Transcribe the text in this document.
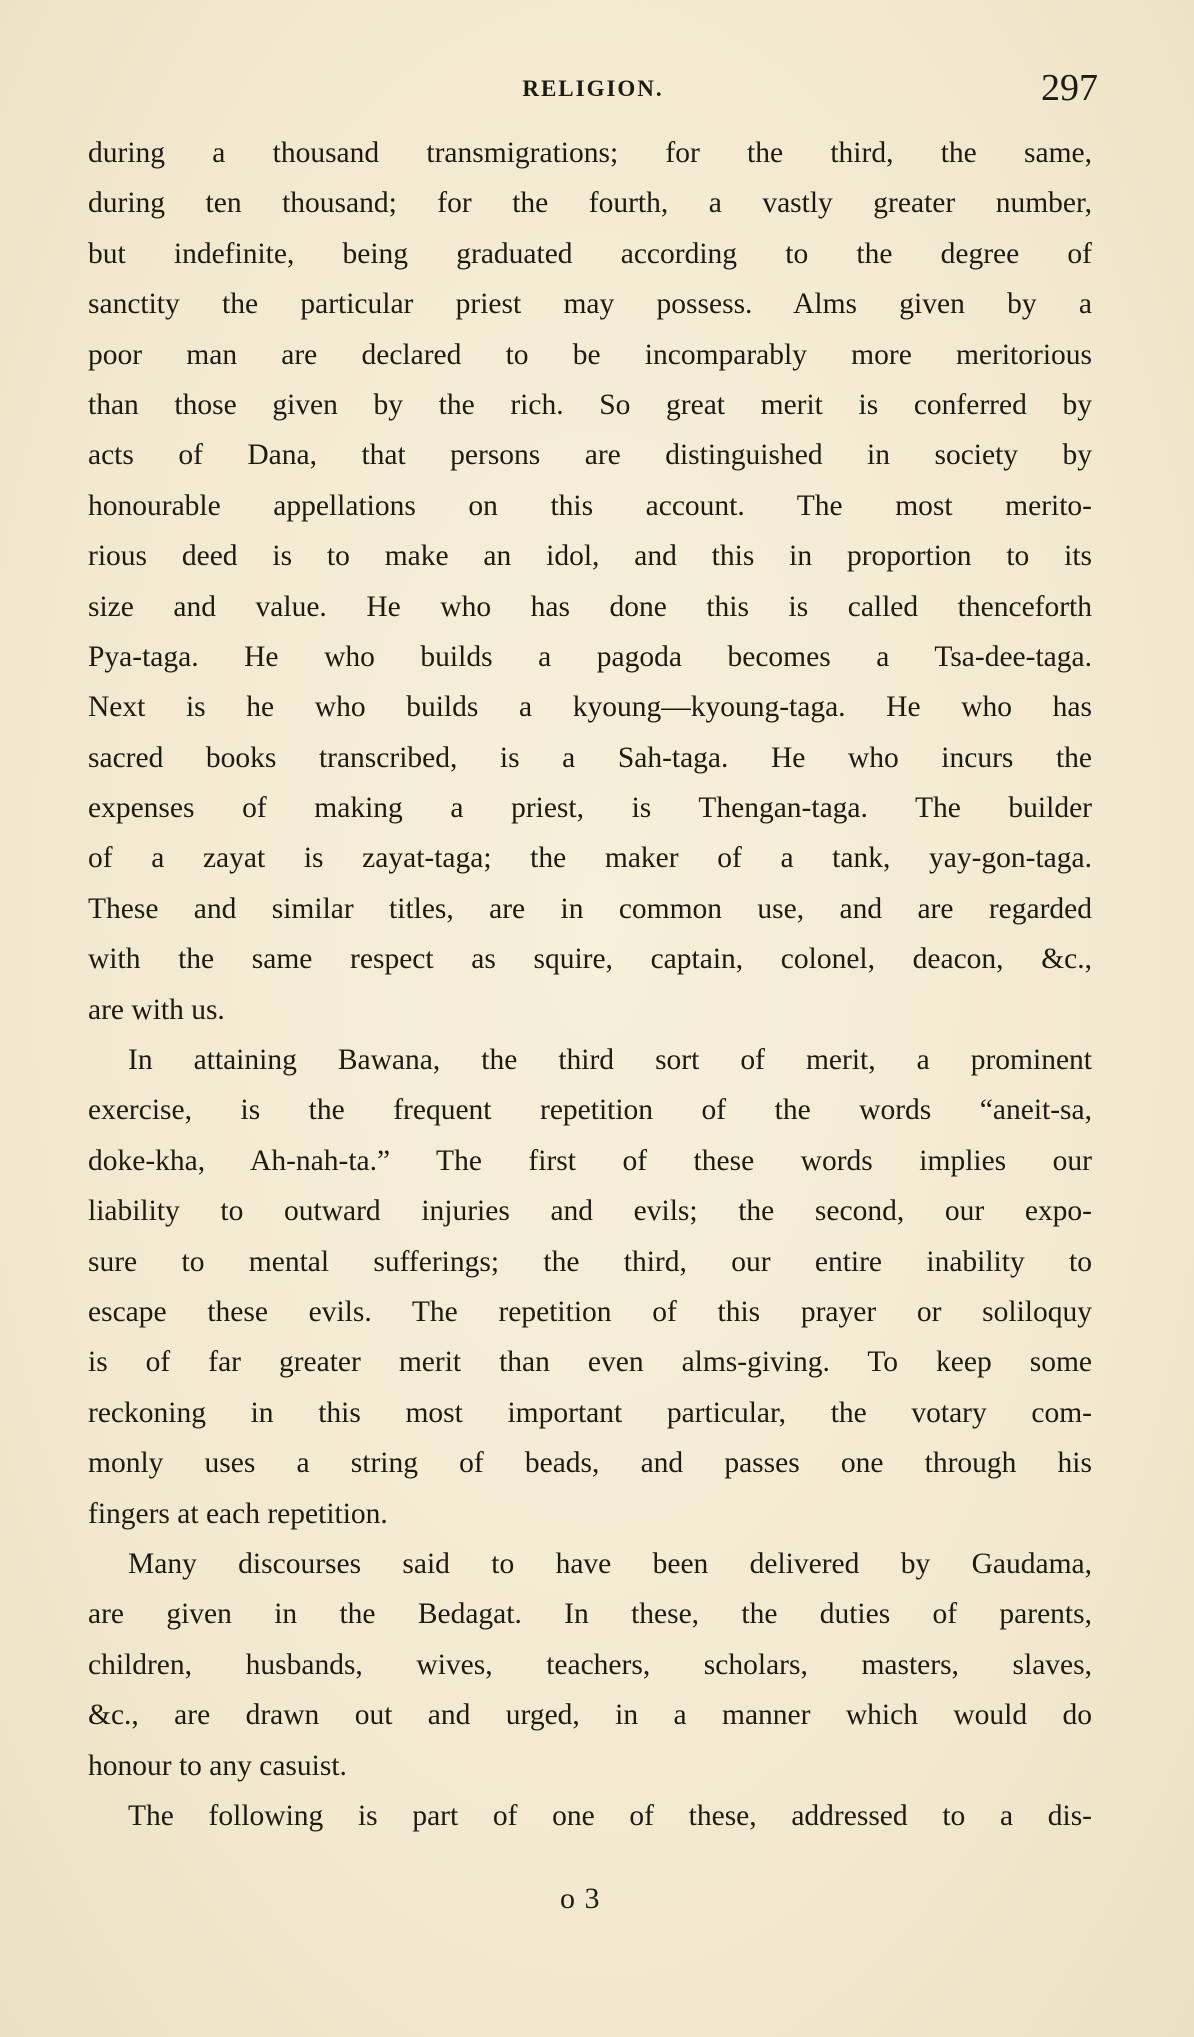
RELIGION.	297
during a thousand transmigrations; for the third, the same,
during ten thousand; for the fourth, a vastly greater number,
but indefinite, being graduated according to the degree of
sanctity the particular priest may possess. Alms given by a
poor man are declared to be incomparably more meritorious
than those given by the rich. So great merit is conferred by
acts of Dana, that persons are distinguished in society by
honourable appellations on this account. The most merito-
rious deed is to make an idol, and this in proportion to its
size and value. He who has done this is called thenceforth
Pya-taga. He who builds a pagoda becomes a Tsa-dee-taga.
Next is he who builds a kyoung—kyoung-taga. He who has
sacred books transcribed, is a Sah-taga. He who incurs the
expenses of making a priest, is Thengan-taga. The builder
of a zayat is zayat-taga; the maker of a tank, yay-gon-taga.
These and similar titles, are in common use, and are regarded
with the same respect as squire, captain, colonel, deacon, &c.,
are with us.
In attaining Bawana, the third sort of merit, a prominent
exercise, is the frequent repetition of the words “aneit-sa,
doke-kha, Ah-nah-ta.” The first of these words implies our
liability to outward injuries and evils; the second, our expo-
sure to mental sufferings; the third, our entire inability to
escape these evils. The repetition of this prayer or soliloquy
is of far greater merit than even alms-giving. To keep some
reckoning in this most important particular, the votary com-
monly uses a string of beads, and passes one through his
fingers at each repetition.
Many discourses said to have been delivered by Gaudama,
are given in the Bedagat. In these, the duties of parents,
children, husbands, wives, teachers, scholars, masters, slaves,
&c., are drawn out and urged, in a manner which would do
honour to any casuist.
The following is part of one of these, addressed to a dis-
o 3
